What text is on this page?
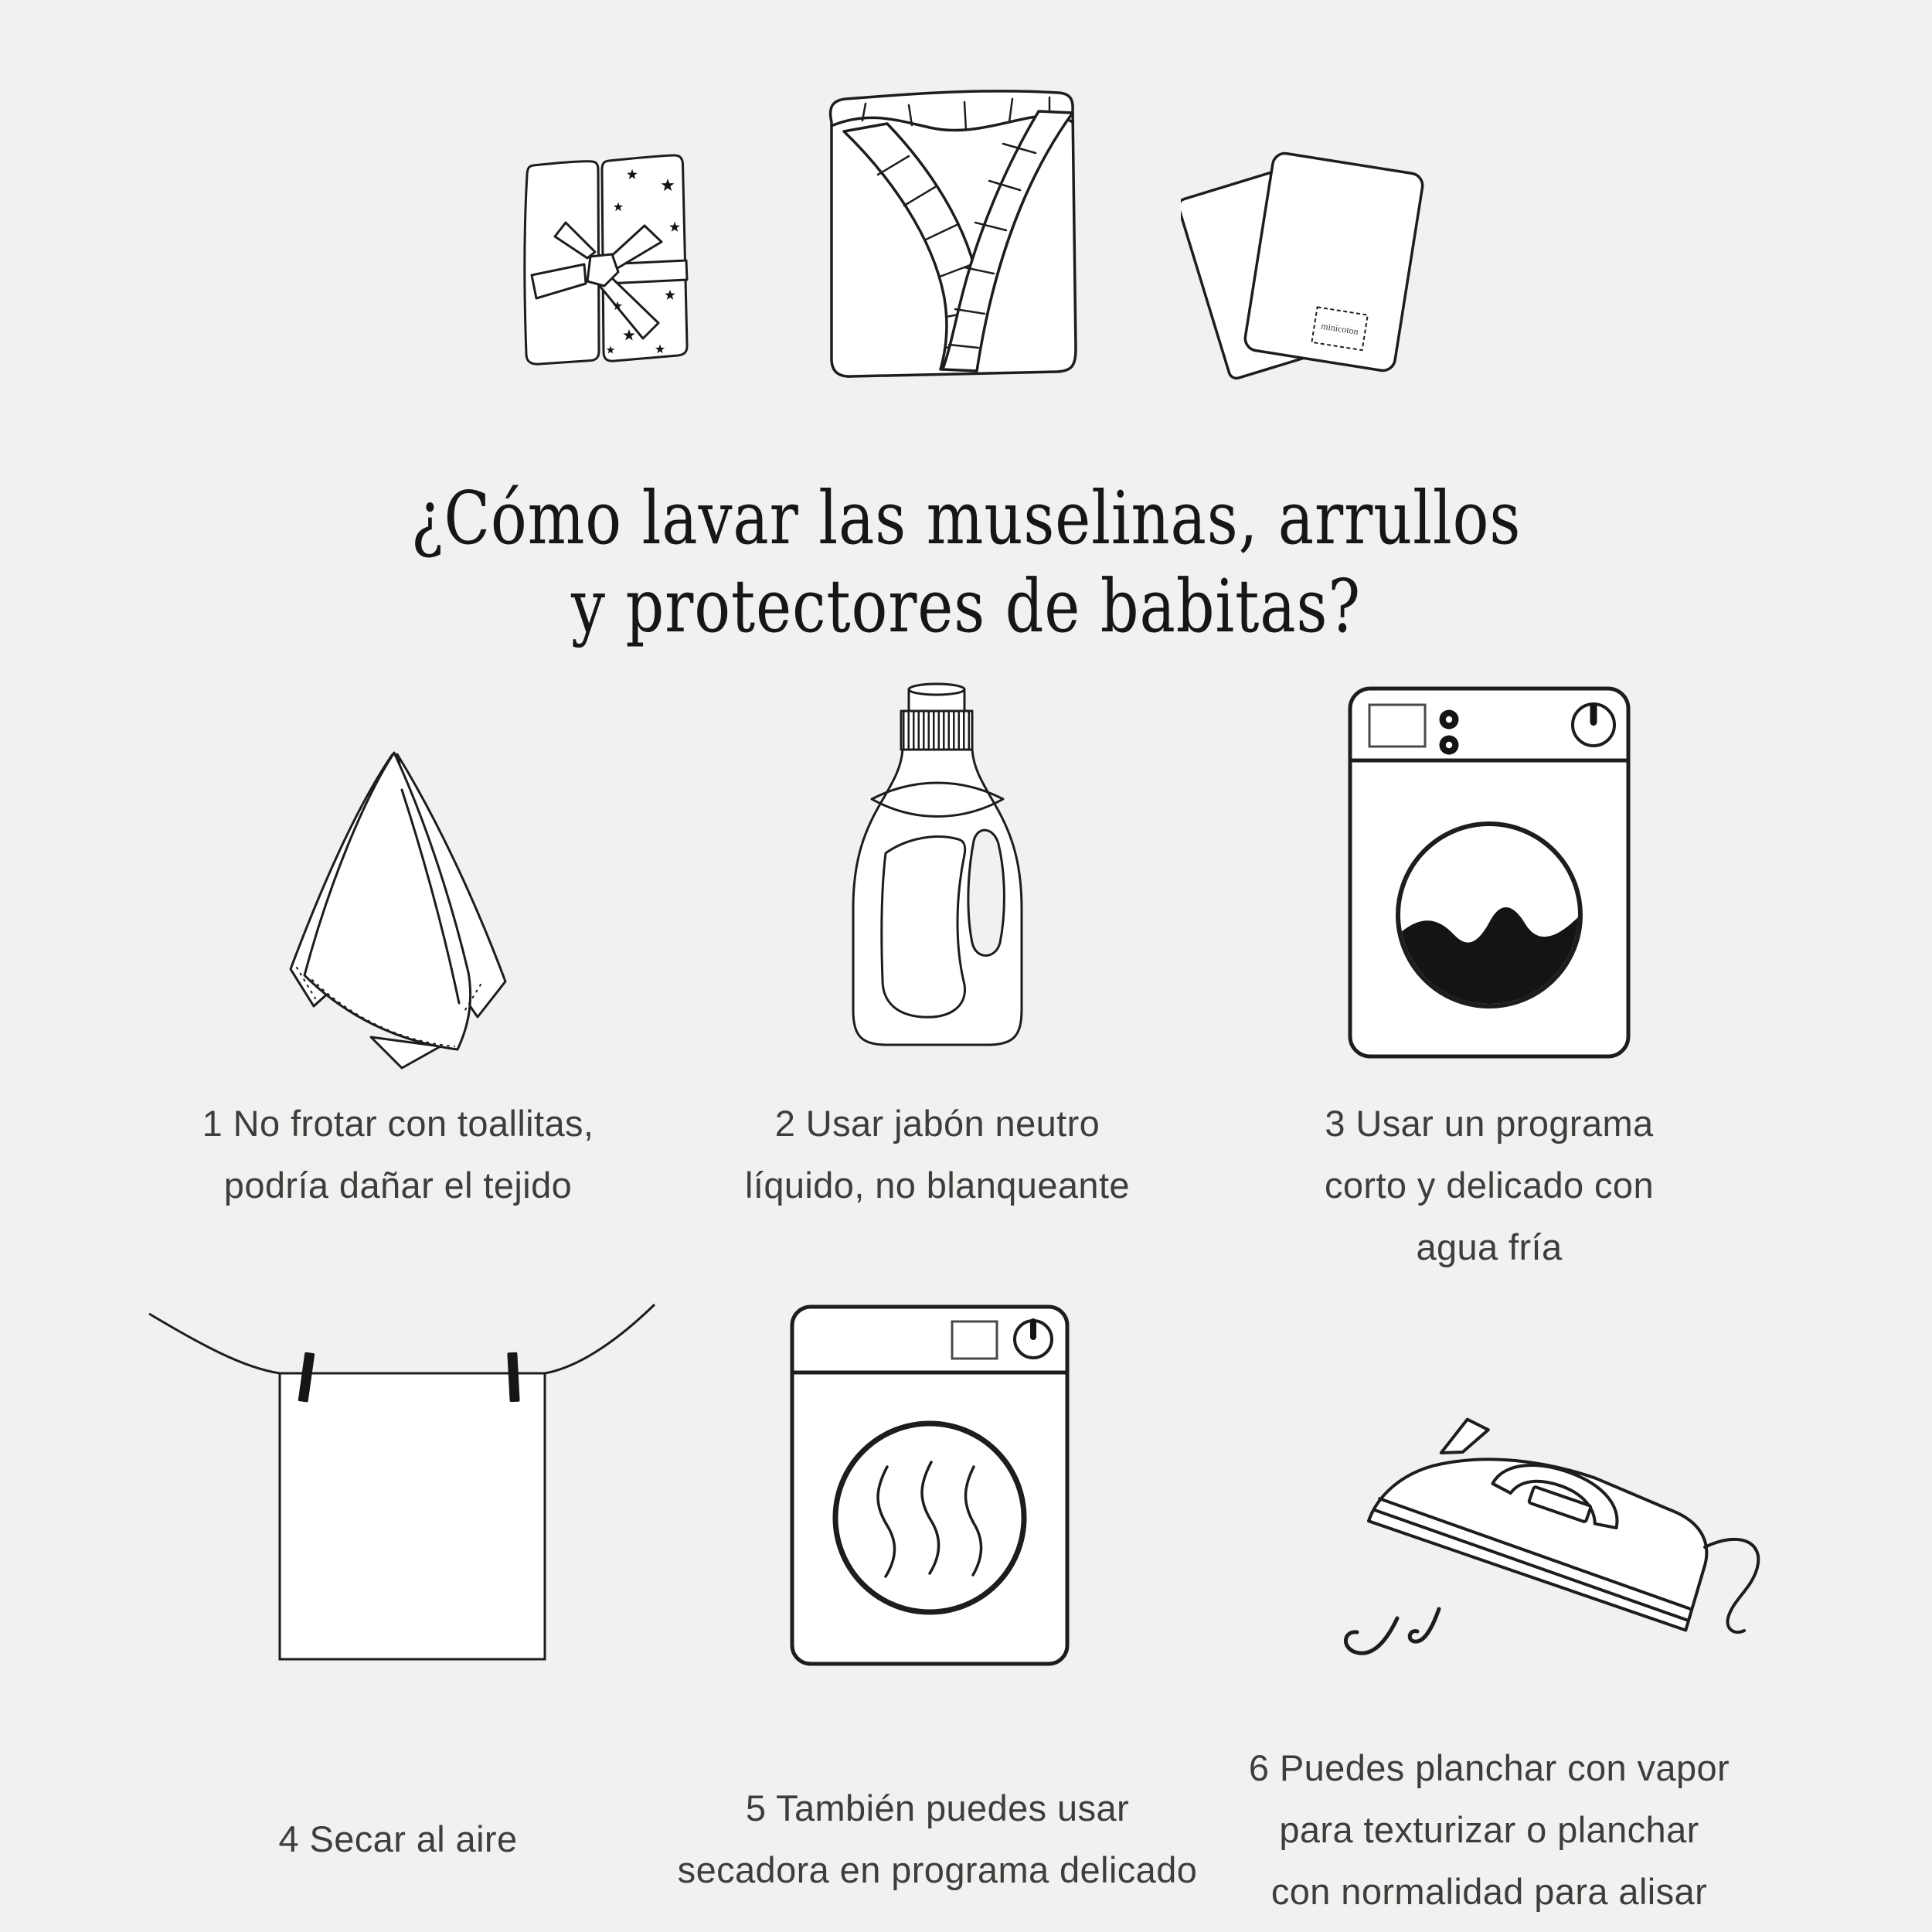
minicoton
¿Cómo lavar las muselinas, arrullos
y protectores de babitas?
1 No frotar con toallitas,
podría dañar el tejido
2 Usar jabón neutro
líquido, no blanqueante
3 Usar un programa
corto y delicado con
agua fría
4 Secar al aire
5 También puedes usar
secadora en programa delicado
6 Puedes planchar con vapor
para texturizar o planchar
con normalidad para alisar
